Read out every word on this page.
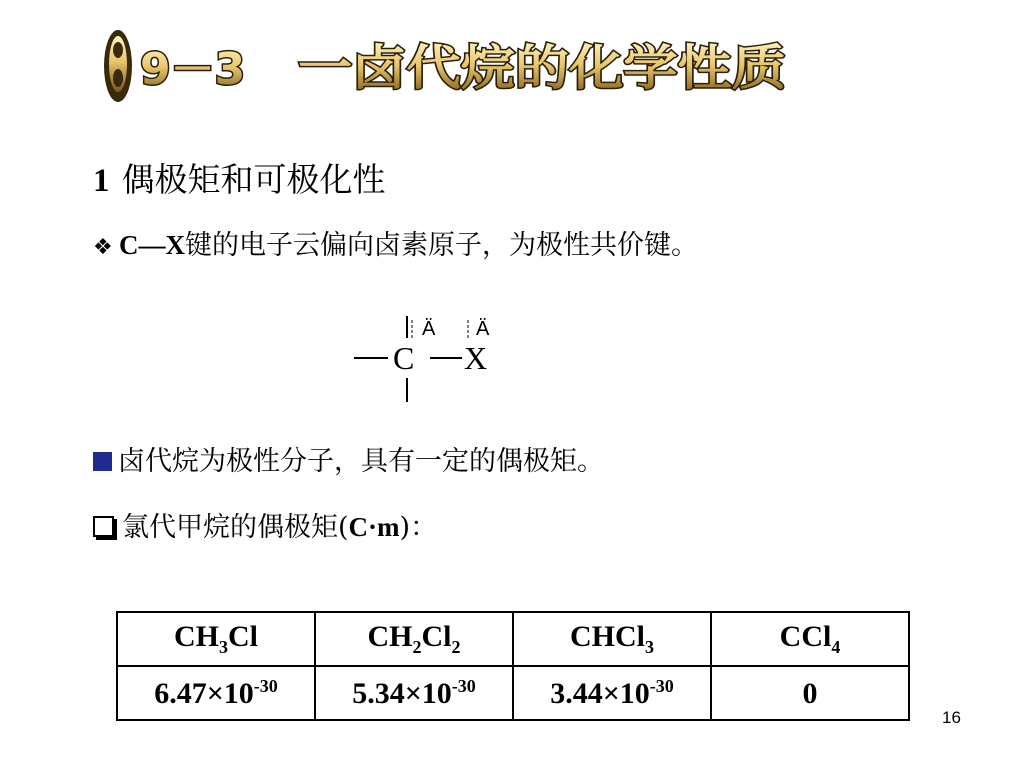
9－3 一卤代烷的化学性质
1 偶极矩和可极化性
❖ C—X键的电子云偏向卤素原子，为极性共价键。
Ä Ä
C X
卤代烷为极性分子，具有一定的偶极矩。
氯代甲烷的偶极矩(C·m)：
$CH_3Cl$	$CH_2Cl_2$	CHCl$_3$	CCl$_4$
$6.47\times 10^{-30}$	$5.34\times 10^{-30}$	$3.44\times 10^{-30}$	0
16
